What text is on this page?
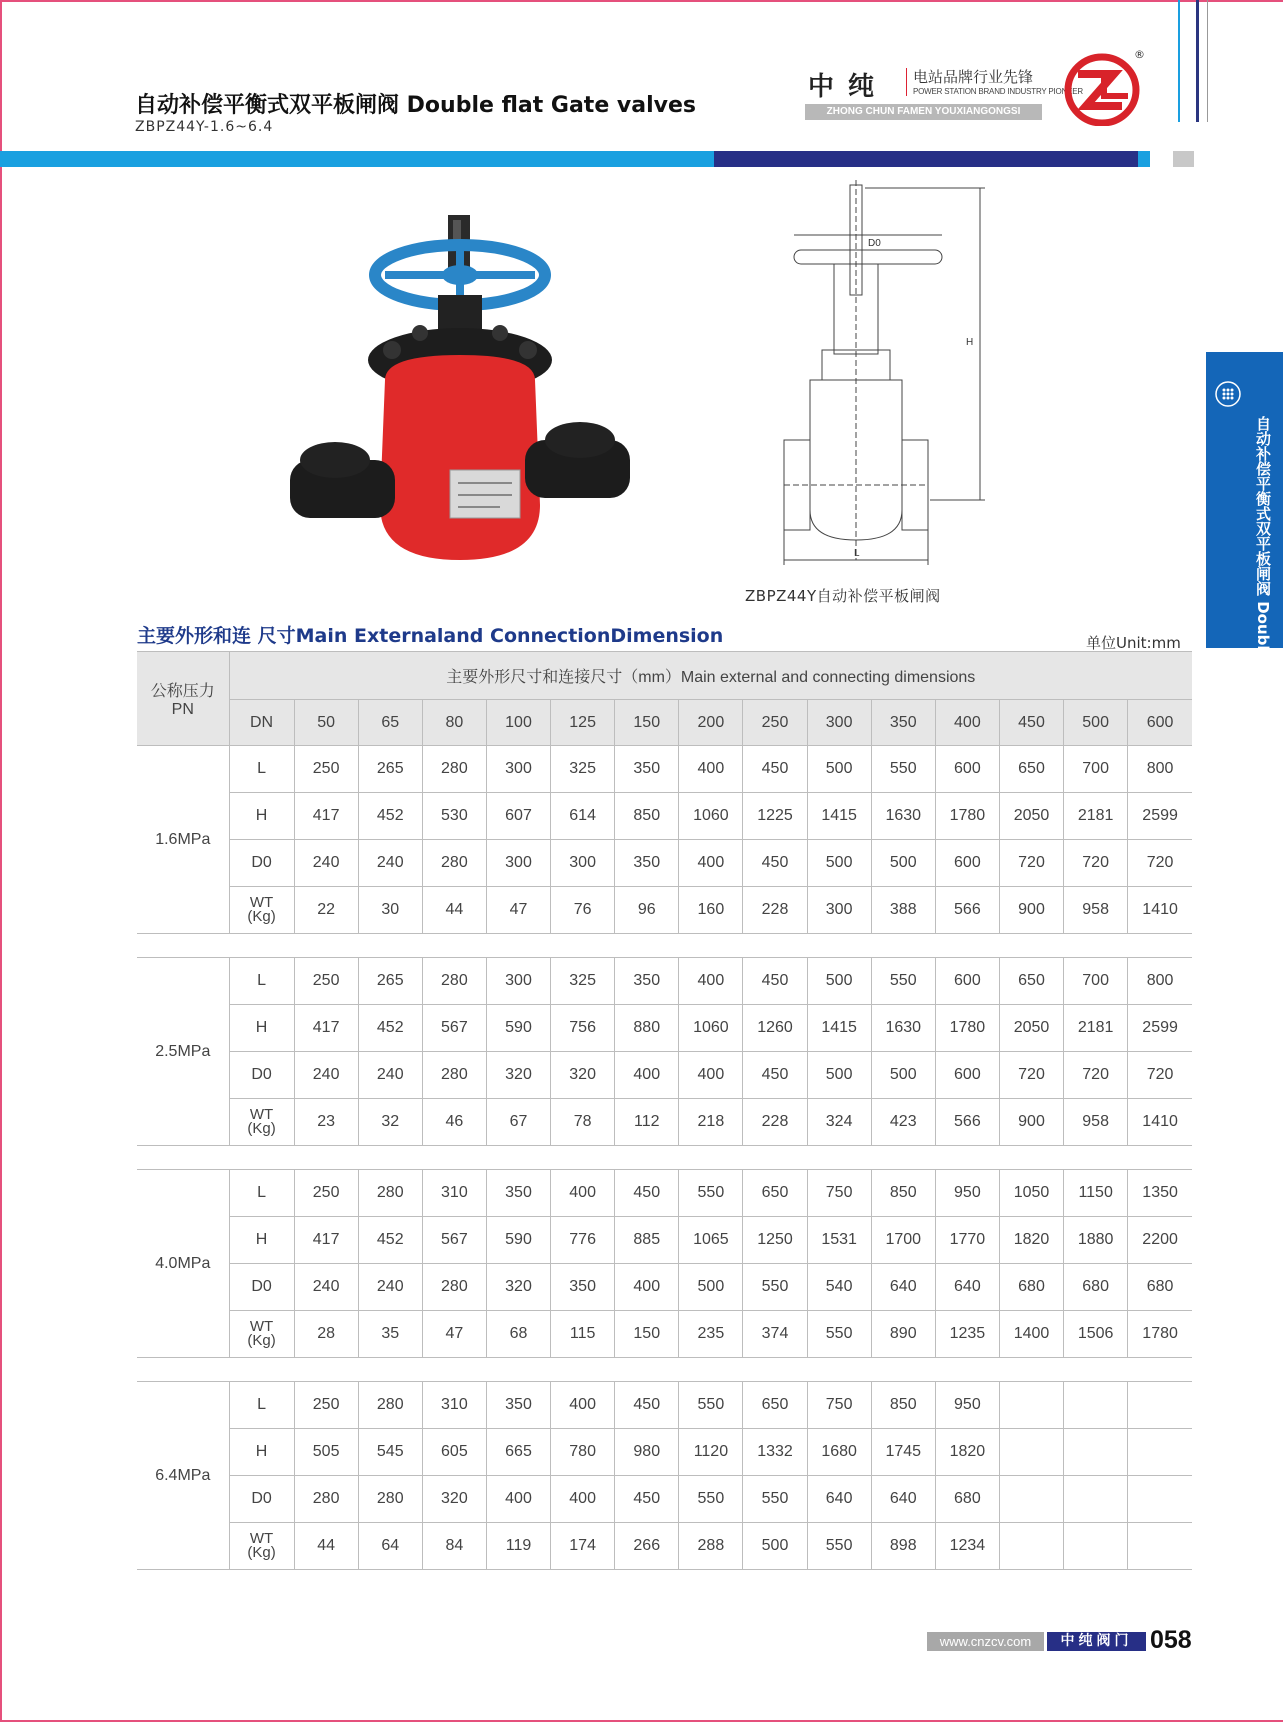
自动补偿平衡式双平板闸阀 Double flat Gate valves
ZBPZ44Y-1.6~6.4
中纯 电站品牌行业先锋
POWER STATION BRAND INDUSTRY PIONEER
ZHONG CHUN FAMEN YOUXIANGONGSI
®
自动补偿平衡式双平板闸阀 Double flat Gate valves
D0
H
L
ZBPZ44Y自动补偿平板闸阀
主要外形和连 尺寸Main Externaland ConnectionDimension	单位Unit:mm
公称压力
PN	主要外形尺寸和连接尺寸（mm）Main external and connecting dimensions														
	DN	50	65	80	100	125	150	200	250	300	350	400	450	500	600
1.6MPa	L	250	265	280	300	325	350	400	450	500	550	600	650	700	800
	H	417	452	530	607	614	850	1060	1225	1415	1630	1780	2050	2181	2599
	D0	240	240	280	300	300	350	400	450	500	500	600	720	720	720
	WT
(Kg)	22	30	44	47	76	96	160	228	300	388	566	900	958	1410

2.5MPa	L	250	265	280	300	325	350	400	450	500	550	600	650	700	800
	H	417	452	567	590	756	880	1060	1260	1415	1630	1780	2050	2181	2599
	D0	240	240	280	320	320	400	400	450	500	500	600	720	720	720
	WT
(Kg)	23	32	46	67	78	112	218	228	324	423	566	900	958	1410

4.0MPa	L	250	280	310	350	400	450	550	650	750	850	950	1050	1150	1350
	H	417	452	567	590	776	885	1065	1250	1531	1700	1770	1820	1880	2200
	D0	240	240	280	320	350	400	500	550	540	640	640	680	680	680
	WT
(Kg)	28	35	47	68	115	150	235	374	550	890	1235	1400	1506	1780

6.4MPa	L	250	280	310	350	400	450	550	650	750	850	950			
	H	505	545	605	665	780	980	1120	1332	1680	1745	1820			
	D0	280	280	320	400	400	450	550	550	640	640	680			
	WT
(Kg)	44	64	84	119	174	266	288	500	550	898	1234			
www.cnzcv.com	中纯阀门 058
